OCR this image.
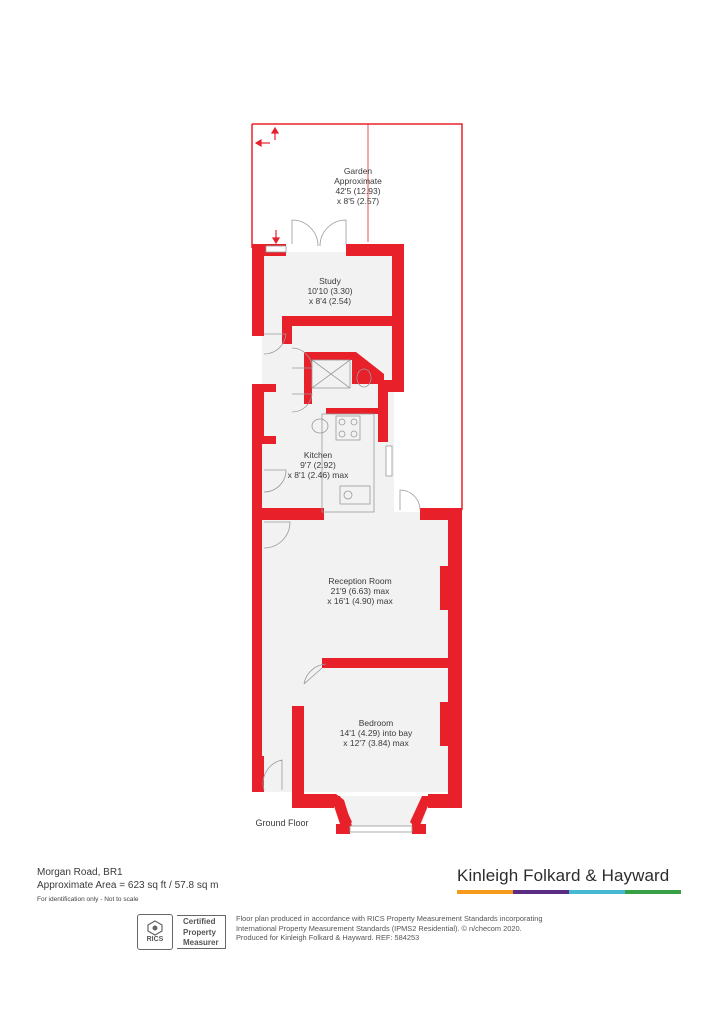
Garden
Approximate
42'5 (12.93)
x 8'5 (2.57)
Study
10'10 (3.30)
x 8'4 (2.54)
Kitchen
9'7 (2.92)
x 8'1 (2.46) max
Reception Room
21'9 (6.63) max
x 16'1 (4.90) max
Bedroom
14'1 (4.29) into bay
x 12'7 (3.84) max
Ground Floor
Morgan Road, BR1
Approximate Area = 623 sq ft / 57.8 sq m
For identification only - Not to scale
Kinleigh Folkard & Hayward
RICS
Certified
Property
Measurer
Floor plan produced in accordance with RICS Property Measurement Standards incorporating
International Property Measurement Standards (IPMS2 Residential). © n/checom 2020.
Produced for Kinleigh Folkard & Hayward. REF: 584253
